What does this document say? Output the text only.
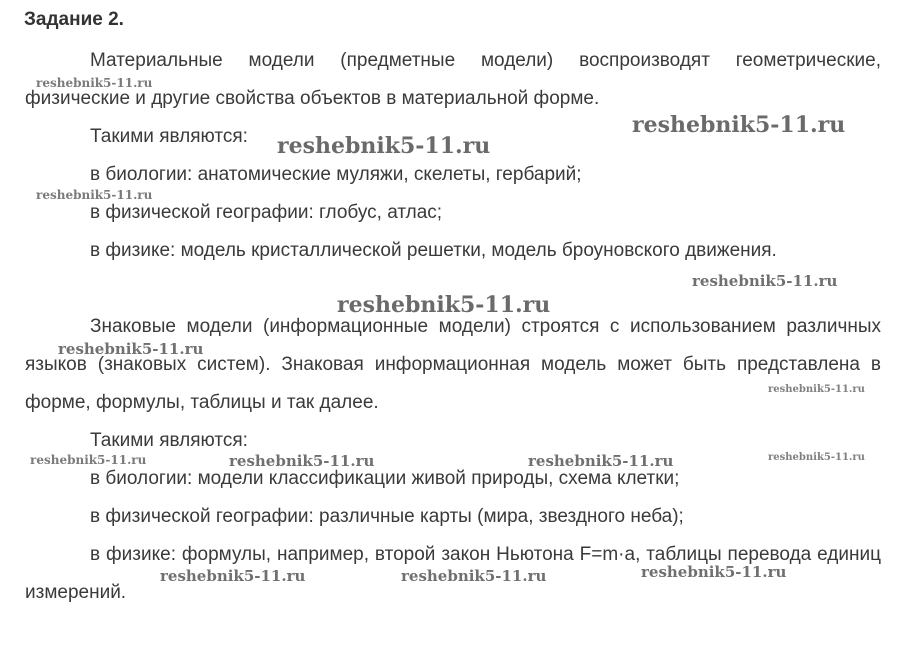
Задание 2.

Материальные модели (предметные модели) воспроизводят геометрические, физические и другие свойства объектов в материальной форме.

Такими являются:

в биологии: анатомические муляжи, скелеты, гербарий;

в физической географии: глобус, атлас;

в физике: модель кристаллической решетки, модель броуновского движения.

Знаковые модели (информационные модели) строятся с использованием различных языков (знаковых систем). Знаковая информационная модель может быть представлена в форме, формулы, таблицы и так далее.

Такими являются:

в биологии: модели классификации живой природы, схема клетки;

в физической географии: различные карты (мира, звездного неба);

в физике: формулы, например, второй закон Ньютона F=m·a, таблицы перевода единиц измерений.

reshebnik5-11.ru
reshebnik5-11.ru
reshebnik5-11.ru
reshebnik5-11.ru
reshebnik5-11.ru
reshebnik5-11.ru
reshebnik5-11.ru
reshebnik5-11.ru
reshebnik5-11.ru	reshebnik5-11.ru	reshebnik5-11.ru	reshebnik5-11.ru
reshebnik5-11.ru	reshebnik5-11.ru	reshebnik5-11.ru
